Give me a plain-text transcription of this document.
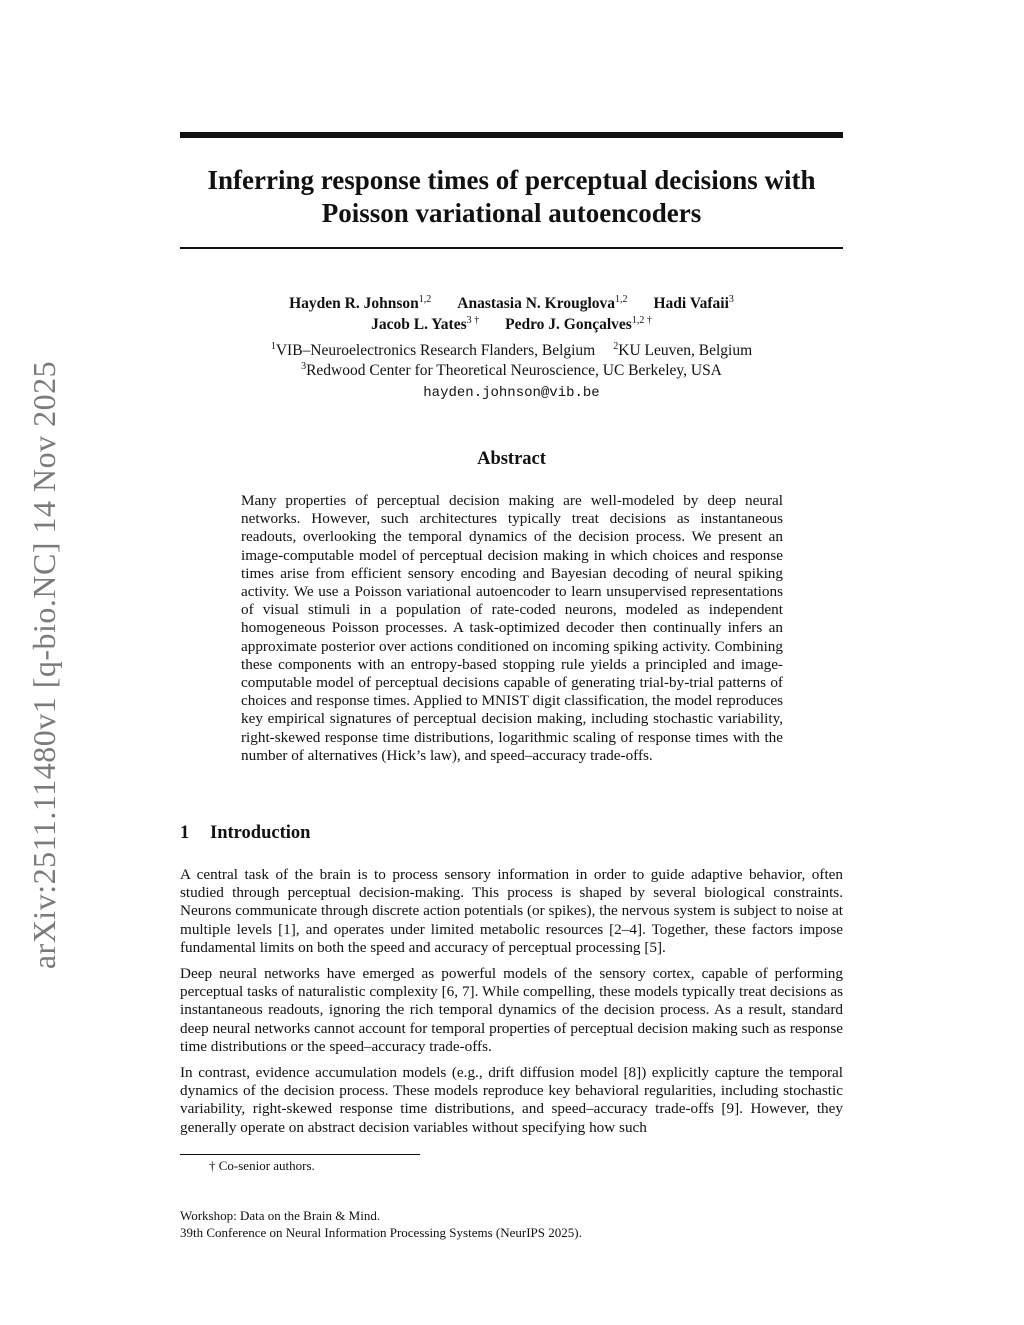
arXiv:2511.11480v1 [q-bio.NC] 14 Nov 2025
Inferring response times of perceptual decisions with
Poisson variational autoencoders
Hayden R. Johnson$^{1,2}$ Anastasia N. Krouglova$^{1,2}$ Hadi Vafaii$^3$
Jacob L. Yates$^{3 \dagger}$ Pedro J. Gonçalves$^{1,2 \dagger}$
$^1$VIB–Neuroelectronics Research Flanders, Belgium $^2$KU Leuven, Belgium
$^3$Redwood Center for Theoretical Neuroscience, UC Berkeley, USA
hayden.johnson@vib.be
Abstract
Many properties of perceptual decision making are well-modeled by deep neural networks. However, such architectures typically treat decisions as instantaneous readouts, overlooking the temporal dynamics of the decision process. We present an image-computable model of perceptual decision making in which choices and response times arise from efficient sensory encoding and Bayesian decoding of neural spiking activity. We use a Poisson variational autoencoder to learn unsupervised representations of visual stimuli in a population of rate-coded neurons, modeled as independent homogeneous Poisson processes. A task-optimized decoder then continually infers an approximate posterior over actions conditioned on incoming spiking activity. Combining these components with an entropy-based stopping rule yields a principled and image-computable model of perceptual decisions capable of generating trial-by-trial patterns of choices and response times. Applied to MNIST digit classification, the model reproduces key empirical signatures of perceptual decision making, including stochastic variability, right-skewed response time distributions, logarithmic scaling of response times with the number of alternatives (Hick’s law), and speed–accuracy trade-offs.
1 Introduction

A central task of the brain is to process sensory information in order to guide adaptive behavior, often studied through perceptual decision-making. This process is shaped by several biological constraints. Neurons communicate through discrete action potentials (or spikes), the nervous system is subject to noise at multiple levels [1], and operates under limited metabolic resources [2–4]. Together, these factors impose fundamental limits on both the speed and accuracy of perceptual processing [5].

Deep neural networks have emerged as powerful models of the sensory cortex, capable of performing perceptual tasks of naturalistic complexity [6, 7]. While compelling, these models typically treat decisions as instantaneous readouts, ignoring the rich temporal dynamics of the decision process. As a result, standard deep neural networks cannot account for temporal properties of perceptual decision making such as response time distributions or the speed–accuracy trade-offs.

In contrast, evidence accumulation models (e.g., drift diffusion model [8]) explicitly capture the temporal dynamics of the decision process. These models reproduce key behavioral regularities, including stochastic variability, right-skewed response time distributions, and speed–accuracy trade-offs [9]. However, they generally operate on abstract decision variables without specifying how such

† Co-senior authors.
Workshop: Data on the Brain & Mind.
39th Conference on Neural Information Processing Systems (NeurIPS 2025).
